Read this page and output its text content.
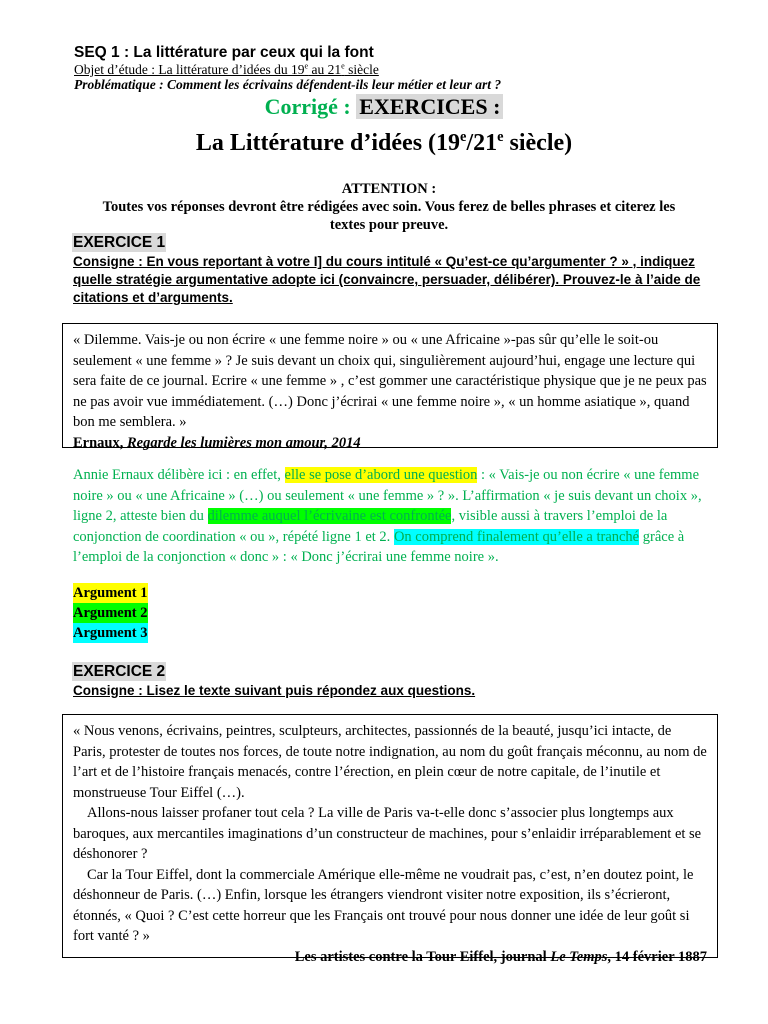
SEQ 1 : La littérature par ceux qui la font
Objet d’étude : La littérature d’idées du 19e au 21e siècle
Problématique : Comment les écrivains défendent-ils leur métier et leur art ?
Corrigé : EXERCICES :
La Littérature d’idées (19e/21e siècle)
ATTENTION :
Toutes vos réponses devront être rédigées avec soin. Vous ferez de belles phrases et citerez les textes pour preuve.
EXERCICE 1
Consigne : En vous reportant à votre I] du cours intitulé « Qu’est-ce qu’argumenter ? » , indiquez quelle stratégie argumentative adopte ici (convaincre, persuader, délibérer). Prouvez-le à l’aide de citations et d’arguments.

« Dilemme. Vais-je ou non écrire « une femme noire » ou « une Africaine »-pas sûr qu’elle le soit-ou seulement « une femme » ? Je suis devant un choix qui, singulièrement aujourd’hui, engage une lecture qui sera faite de ce journal. Ecrire « une femme » , c’est gommer une caractéristique physique que je ne peux pas ne pas avoir vue immédiatement. (…) Donc j’écrirai « une femme noire », « un homme asiatique », quand bon me semblera. »

Ernaux, Regarde les lumières mon amour, 2014

Annie Ernaux délibère ici : en effet, elle se pose d’abord une question : « Vais-je ou non écrire « une femme noire » ou « une Africaine » (…) ou seulement « une femme » ? ». L’affirmation « je suis devant un choix », ligne 2, atteste bien du dilemme auquel l’écrivaine est confrontée, visible aussi à travers l’emploi de la conjonction de coordination « ou », répété ligne 1 et 2. On comprend finalement qu’elle a tranché grâce à l’emploi de la conjonction « donc » : « Donc j’écrirai une femme noire ».
Argument 1
Argument 2
Argument 3
EXERCICE 2
Consigne : Lisez le texte suivant puis répondez aux questions.

« Nous venons, écrivains, peintres, sculpteurs, architectes, passionnés de la beauté, jusqu’ici intacte, de Paris, protester de toutes nos forces, de toute notre indignation, au nom du goût français méconnu, au nom de l’art et de l’histoire français menacés, contre l’érection, en plein cœur de notre capitale, de l’inutile et monstrueuse Tour Eiffel (…).

Allons-nous laisser profaner tout cela ? La ville de Paris va-t-elle donc s’associer plus longtemps aux baroques, aux mercantiles imaginations d’un constructeur de machines, pour s’enlaidir irréparablement et se déshonorer ?

Car la Tour Eiffel, dont la commerciale Amérique elle-même ne voudrait pas, c’est, n’en doutez point, le déshonneur de Paris. (…) Enfin, lorsque les étrangers viendront visiter notre exposition, ils s’écrieront, étonnés, « Quoi ? C’est cette horreur que les Français ont trouvé pour nous donner une idée de leur goût si fort vanté ? »

Les artistes contre la Tour Eiffel, journal Le Temps, 14 février 1887
